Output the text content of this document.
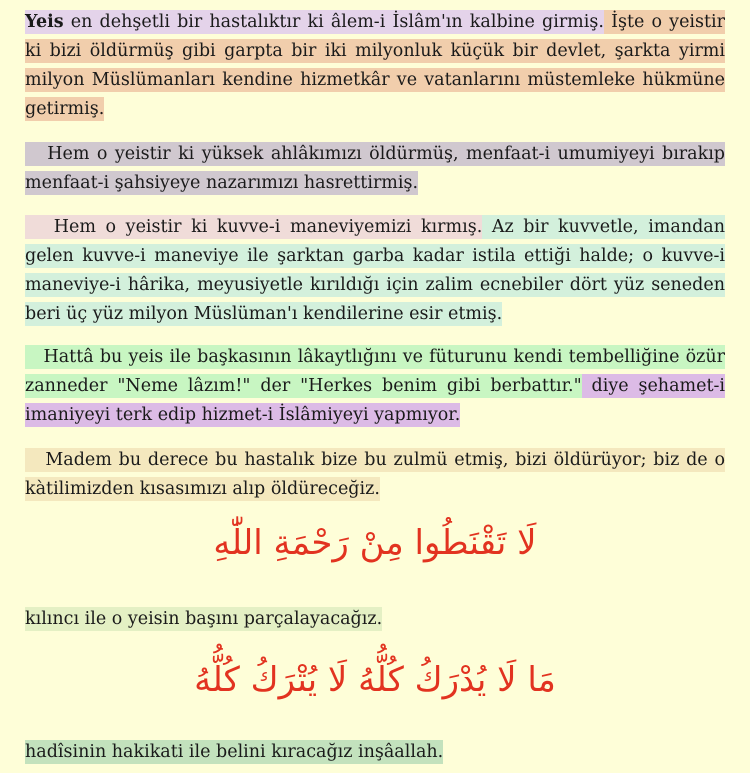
Yeis en dehşetli bir hastalıktır ki âlem-i İslâm'ın kalbine girmiş. İşte o yeistir ki bizi öldürmüş gibi garpta bir iki milyonluk küçük bir devlet, şarkta yirmi milyon Müslümanları kendine hizmetkâr ve vatanlarını müstemleke hükmüne getirmiş.

Hem o yeistir ki yüksek ahlâkımızı öldürmüş, menfaat-i umumiyeyi bırakıp menfaat-i şahsiyeye nazarımızı hasrettirmiş.

Hem o yeistir ki kuvve-i maneviyemizi kırmış. Az bir kuvvetle, imandan gelen kuvve-i maneviye ile şarktan garba kadar istila ettiği halde; o kuvve-i maneviye-i hârika, meyusiyetle kırıldığı için zalim ecnebiler dört yüz seneden beri üç yüz milyon Müslüman'ı kendilerine esir etmiş.

Hattâ bu yeis ile başkasının lâkaytlığını ve füturunu kendi tembelliğine özür zanneder "Neme lâzım!" der "Herkes benim gibi berbattır." diye şehamet-i imaniyeyi terk edip hizmet-i İslâmiyeyi yapmıyor.

Madem bu derece bu hastalık bize bu zulmü etmiş, bizi öldürüyor; biz de o kàtilimizden kısasımızı alıp öldüreceğiz.

لَا تَقْنَطُوا مِنْ رَحْمَةِ اللّٰهِ

kılıncı ile o yeisin başını parçalayacağız.

مَا لَا يُدْرَكُ كُلُّهُ لَا يُتْرَكُ كُلُّهُ

hadîsinin hakikati ile belini kıracağız inşâallah.
